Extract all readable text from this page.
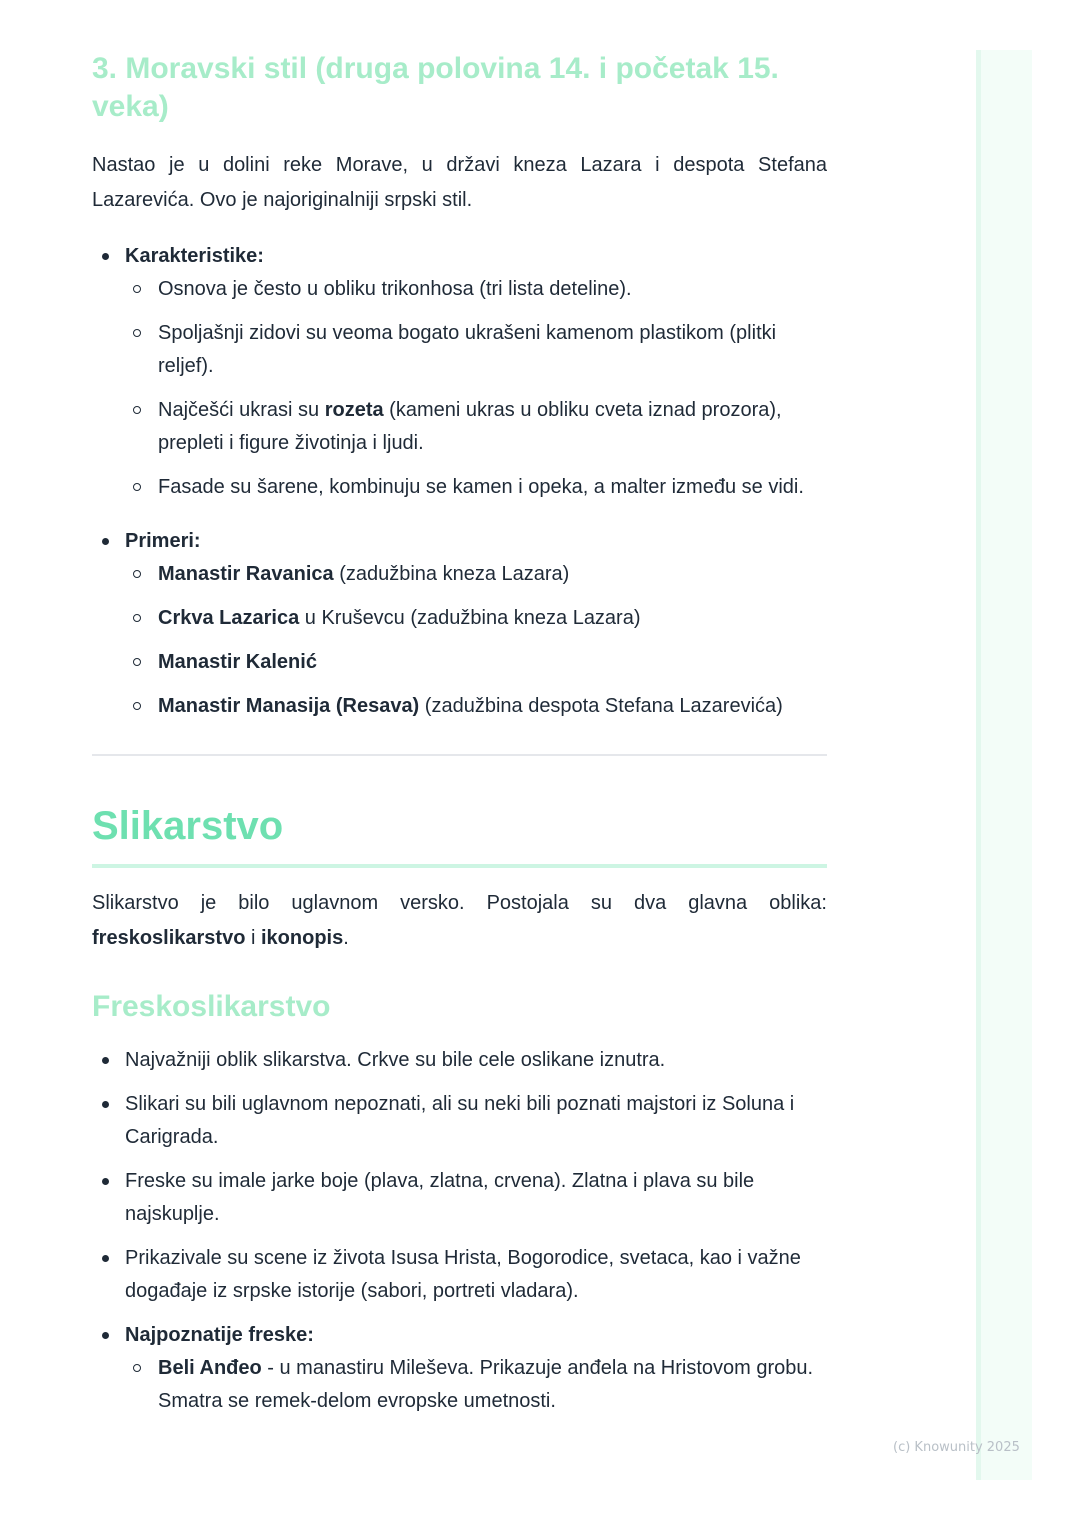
3. Moravski stil (druga polovina 14. i početak 15. veka)

Nastao je u dolini reke Morave, u državi kneza Lazara i despota Stefana Lazarevića. Ovo je najoriginalniji srpski stil.

Karakteristike:
Osnova je često u obliku trikonhosa (tri lista deteline).
Spoljašnji zidovi su veoma bogato ukrašeni kamenom plastikom (plitki reljef).
Najčešći ukrasi su rozeta (kameni ukras u obliku cveta iznad prozora), prepleti i figure životinja i ljudi.
Fasade su šarene, kombinuju se kamen i opeka, a malter između se vidi.
Primeri:
Manastir Ravanica (zadužbina kneza Lazara)
Crkva Lazarica u Kruševcu (zadužbina kneza Lazara)
Manastir Kalenić
Manastir Manasija (Resava) (zadužbina despota Stefana Lazarevića)
Slikarstvo

Slikarstvo je bilo uglavnom versko. Postojala su dva glavna oblika: freskoslikarstvo i ikonopis.

Freskoslikarstvo
Najvažniji oblik slikarstva. Crkve su bile cele oslikane iznutra.
Slikari su bili uglavnom nepoznati, ali su neki bili poznati majstori iz Soluna i Carigrada.
Freske su imale jarke boje (plava, zlatna, crvena). Zlatna i plava su bile najskuplje.
Prikazivale su scene iz života Isusa Hrista, Bogorodice, svetaca, kao i važne događaje iz srpske istorije (sabori, portreti vladara).
Najpoznatije freske:
Beli Anđeo - u manastiru Mileševa. Prikazuje anđela na Hristovom grobu. Smatra se remek-delom evropske umetnosti.
(c) Knowunity 2025
